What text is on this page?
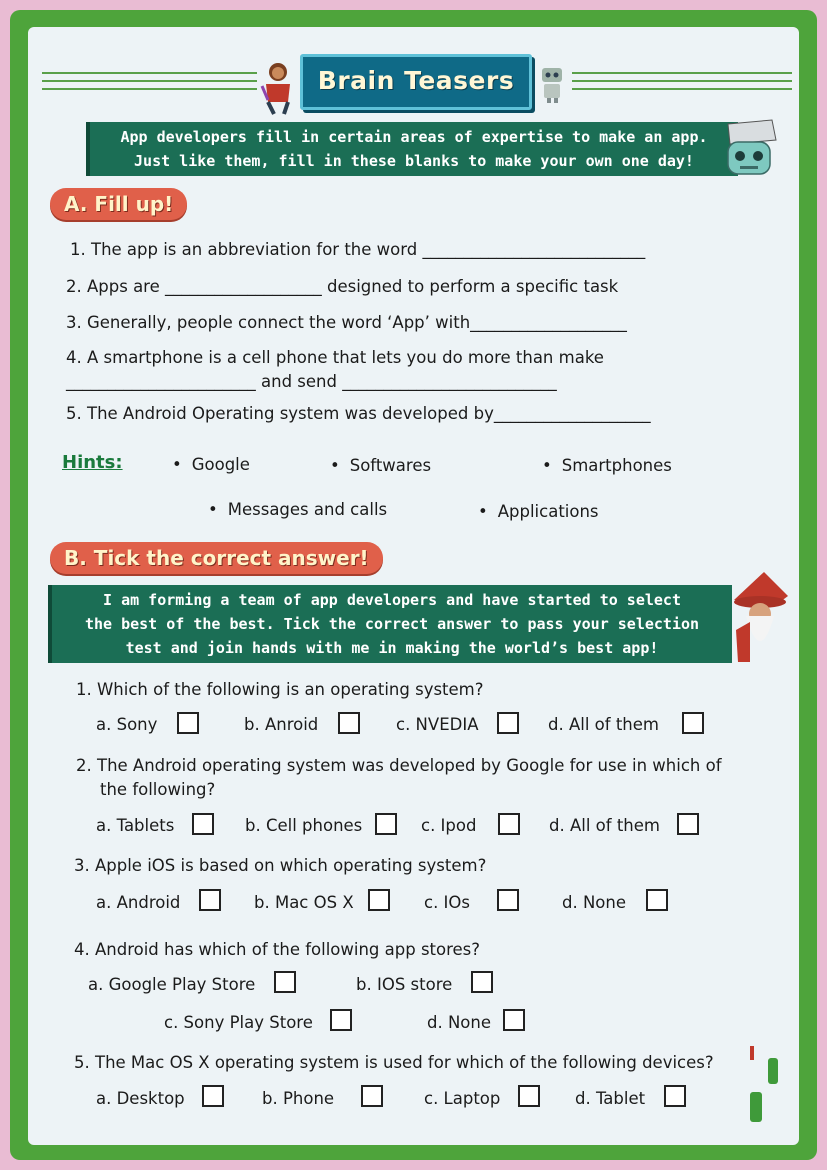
Brain Teasers
App developers fill in certain areas of expertise to make an app.
Just like them, fill in these blanks to make your own one day!
A. Fill up!
1. The app is an abbreviation for the word ___________________________
2. Apps are ___________________ designed to perform a specific task
3. Generally, people connect the word ‘App’ with___________________
4. A smartphone is a cell phone that lets you do more than make
_______________________ and send __________________________
5. The Android Operating system was developed by___________________
Hints:	• Google	• Softwares	• Smartphones
• Messages and calls	• Applications
B. Tick the correct answer!
I am forming a team of app developers and have started to select
the best of the best. Tick the correct answer to pass your selection
test and join hands with me in making the world’s best app!
1. Which of the following is an operating system?
a. Sony	b. Anroid	c. NVEDIA	d. All of them
2. The Android operating system was developed by Google for use in which of
the following?
a. Tablets	b. Cell phones	c. Ipod	d. All of them
3. Apple iOS is based on which operating system?
a. Android	b. Mac OS X	c. IOs	d. None
4. Android has which of the following app stores?
a. Google Play Store	b. IOS store
c. Sony Play Store	d. None
5. The Mac OS X operating system is used for which of the following devices?
a. Desktop	b. Phone	c. Laptop	d. Tablet
